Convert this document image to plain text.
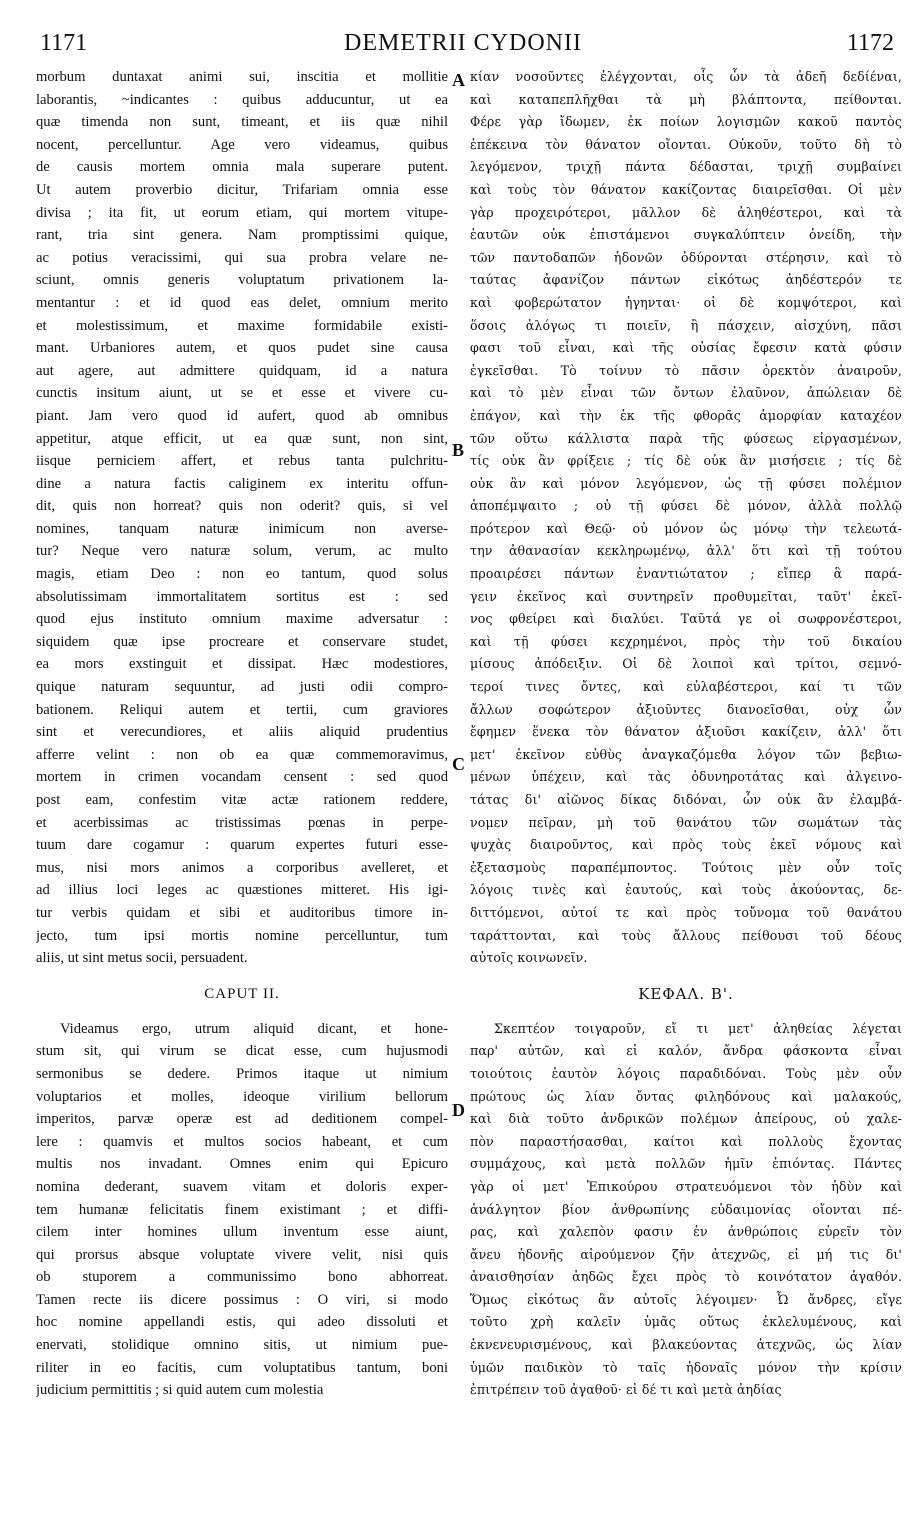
1171	DEMETRII CYDONII	1172
morbum duntaxat animi sui, inscitia et mollitie
laborantis, ~indicantes : quibus adducuntur, ut ea
quæ timenda non sunt, timeant, et iis quæ nihil
nocent, percelluntur. Age vero videamus, quibus
de causis mortem omnia mala superare putent.
Ut autem proverbio dicitur, Trifariam omnia esse
divisa ; ita fit, ut eorum etiam, qui mortem vitupe-
rant, tria sint genera. Nam promptissimi quique,
ac potius veracissimi, qui sua probra velare ne-
sciunt, omnis generis voluptatum privationem la-
mentantur : et id quod eas delet, omnium merito
et molestissimum, et maxime formidabile existi-
mant. Urbaniores autem, et quos pudet sine causa
aut agere, aut admittere quidquam, id a natura
cunctis insitum aiunt, ut se et esse et vivere cu-
piant. Jam vero quod id aufert, quod ab omnibus
appetitur, atque efficit, ut ea quæ sunt, non sint,
iisque perniciem affert, et rebus tanta pulchritu-
dine a natura factis caliginem ex interitu offun-
dit, quis non horreat? quis non oderit? quis, si vel
nomines, tanquam naturæ inimicum non averse-
tur? Neque vero naturæ solum, verum, ac multo
magis, etiam Deo : non eo tantum, quod solus
absolutissimam immortalitatem sortitus est : sed
quod ejus instituto omnium maxime adversatur :
siquidem quæ ipse procreare et conservare studet,
ea mors exstinguit et dissipat. Hæc modestiores,
quique naturam sequuntur, ad justi odii compro-
bationem. Reliqui autem et tertii, cum graviores
sint et verecundiores, et aliis aliquid prudentius
afferre velint : non ob ea quæ commemoravimus,
mortem in crimen vocandam censent : sed quod
post eam, confestim vitæ actæ rationem reddere,
et acerbissimas ac tristissimas pœnas in perpe-
tuum dare cogamur : quarum expertes futuri esse-
mus, nisi mors animos a corporibus avelleret, et
ad illius loci leges ac quæstiones mitteret. His igi-
tur verbis quidam et sibi et auditoribus timore in-
jecto, tum ipsi mortis nomine percelluntur, tum
aliis, ut sint metus socii, persuadent.
CAPUT II.
Videamus ergo, utrum aliquid dicant, et hone-
stum sit, qui virum se dicat esse, cum hujusmodi
sermonibus se dedere. Primos itaque ut nimium
voluptarios et molles, ideoque virilium bellorum
imperitos, parvæ operæ est ad deditionem compel-
lere : quamvis et multos socios habeant, et cum
multis nos invadant. Omnes enim qui Epicuro
nomina dederant, suavem vitam et doloris exper-
tem humanæ felicitatis finem existimant ; et diffi-
cilem inter homines ullum inventum esse aiunt,
qui prorsus absque voluptate vivere velit, nisi quis
ob stuporem a communissimo bono abhorreat.
Tamen recte iis dicere possimus : O viri, si modo
hoc nomine appellandi estis, qui adeo dissoluti et
enervati, stolidique omnino sitis, ut nimium pue-
riliter in eo facitis, cum voluptatibus tantum, boni
judicium permittitis ; si quid autem cum molestia
κίαν νοσοῦντες ἐλέγχονται, οἷς ὧν τὰ ἀδεῆ δεδίέναι,
καὶ καταπεπλῆχθαι τὰ μὴ βλάπτοντα, πείθονται.
Φέρε γὰρ ἴδωμεν, ἐκ ποίων λογισμῶν κακοῦ παντὸς
ἐπέκεινα τὸν θάνατον οἴονται. Οὐκοῦν, τοῦτο δὴ τὸ
λεγόμενον, τριχῇ πάντα δέδασται, τριχῇ συμβαίνει
καὶ τοὺς τὸν θάνατον κακίζοντας διαιρεῖσθαι. Οἱ μὲν
γὰρ προχειρότεροι, μᾶλλον δὲ ἀληθέστεροι, καὶ τὰ
ἑαυτῶν οὐκ ἐπιστάμενοι συγκαλύπτειν ὀνείδη, τὴν
τῶν παντοδαπῶν ἡδονῶν ὀδύρονται στέρησιν, καὶ τὸ
ταύτας ἀφανίζον πάντων εἰκότως ἀηδέστερόν τε
καὶ φοβερώτατον ἡγηνται· οἱ δὲ κομψότεροι, καὶ
ὅσοις ἀλόγως τι ποιεῖν, ἢ πάσχειν, αἰσχύνη, πᾶσι
φασι τοῦ εἶναι, καὶ τῆς οὐσίας ἔφεσιν κατὰ φύσιν
ἐγκεῖσθαι. Τὸ τοίνυν τὸ πᾶσιν ὀρεκτὸν ἀναιροῦν,
καὶ τὸ μὲν εἶναι τῶν ὄντων ἐλαῦνον, ἀπώλειαν δὲ
ἐπάγον, καὶ τὴν ἐκ τῆς φθορᾶς ἀμορφίαν καταχέον
τῶν οὕτω κάλλιστα παρὰ τῆς φύσεως εἰργασμένων,
τίς οὐκ ἂν φρίξειε ; τίς δὲ οὐκ ἂν μισήσειε ; τίς δὲ
οὐκ ἂν καὶ μόνον λεγόμενον, ὡς τῇ φύσει πολέμιον
ἀποπέμψαιτο ; οὐ τῇ φύσει δὲ μόνον, ἀλλὰ πολλῷ
πρότερον καὶ Θεῷ· οὐ μόνον ὡς μόνῳ τὴν τελεωτά-
την ἀθανασίαν κεκληρωμένῳ, ἀλλ' ὅτι καὶ τῇ τούτου
προαιρέσει πάντων ἐναντιώτατον ; εἴπερ ἃ παρά-
γειν ἐκεῖνος καὶ συντηρεῖν προθυμεῖται, ταῦτ' ἐκεῖ-
νος φθείρει καὶ διαλύει. Ταῦτά γε οἱ σωφρονέστεροι,
καὶ τῇ φύσει κεχρημένοι, πρὸς τὴν τοῦ δικαίου
μίσους ἀπόδειξιν. Οἱ δὲ λοιποὶ καὶ τρίτοι, σεμνό-
τεροί τινες ὄντες, καὶ εὐλαβέστεροι, καί τι τῶν
ἄλλων σοφώτερον ἀξιοῦντες διανοεῖσθαι, οὐχ ὧν
ἔφημεν ἕνεκα τὸν θάνατον ἀξιοῦσι κακίζειν, ἀλλ' ὅτι
μετ' ἐκεῖνον εὐθὺς ἀναγκαζόμεθα λόγον τῶν βεβιω-
μένων ὑπέχειν, καὶ τὰς ὀδυνηροτάτας καὶ ἀλγεινο-
τάτας δι' αἰῶνος δίκας διδόναι, ὧν οὐκ ἂν ἐλαμβά-
νομεν πεῖραν, μὴ τοῦ θανάτου τῶν σωμάτων τὰς
ψυχὰς διαιροῦντος, καὶ πρὸς τοὺς ἐκεῖ νόμους καὶ
ἐξετασμοὺς παραπέμποντος. Τούτοις μὲν οὖν τοῖς
λόγοις τινὲς καὶ ἑαυτούς, καὶ τοὺς ἀκούοντας, δε-
διττόμενοι, αὐτοί τε καὶ πρὸς τοὔνομα τοῦ θανάτου
ταράττονται, καὶ τοὺς ἄλλους πείθουσι τοῦ δέους
αὐτοῖς κοινωνεῖν.
ΚΕΦΑΛ. Β'.
Σκεπτέον τοιγαροῦν, εἴ τι μετ' ἀληθείας λέγεται
παρ' αὐτῶν, καὶ εἰ καλόν, ἄνδρα φάσκοντα εἶναι
τοιούτοις ἑαυτὸν λόγοις παραδιδόναι. Τοὺς μὲν οὖν
πρώτους ὡς λίαν ὄντας φιληδόνους καὶ μαλακούς,
καὶ διὰ τοῦτο ἀνδρικῶν πολέμων ἀπείρους, οὐ χαλε-
πὸν παραστήσασθαι, καίτοι καὶ πολλοὺς ἔχοντας
συμμάχους, καὶ μετὰ πολλῶν ἡμῖν ἐπιόντας. Πάντες
γὰρ οἱ μετ' Ἐπικούρου στρατευόμενοι τὸν ἡδὺν καὶ
ἀνάλγητον βίον ἀνθρωπίνης εὐδαιμονίας οἴονται πέ-
ρας, καὶ χαλεπὸν φασιν ἐν ἀνθρώποις εὑρεῖν τὸν
ἄνευ ἡδονῆς αἱρούμενον ζῆν ἀτεχνῶς, εἰ μή τις δι'
ἀναισθησίαν ἀηδῶς ἔχει πρὸς τὸ κοινότατον ἀγαθόν.
Ὅμως εἰκότως ἂν αὐτοῖς λέγοιμεν· Ὦ ἄνδρες, εἴγε
τοῦτο χρὴ καλεῖν ὑμᾶς οὕτως ἐκλελυμένους, καὶ
ἐκνενευρισμένους, καὶ βλακεύοντας ἀτεχνῶς, ὡς λίαν
ὑμῶν παιδικὸν τὸ ταῖς ἡδοναῖς μόνον τὴν κρίσιν
ἐπιτρέπειν τοῦ ἀγαθοῦ· εἰ δέ τι καὶ μετὰ ἀηδίας
A
B
C
D
